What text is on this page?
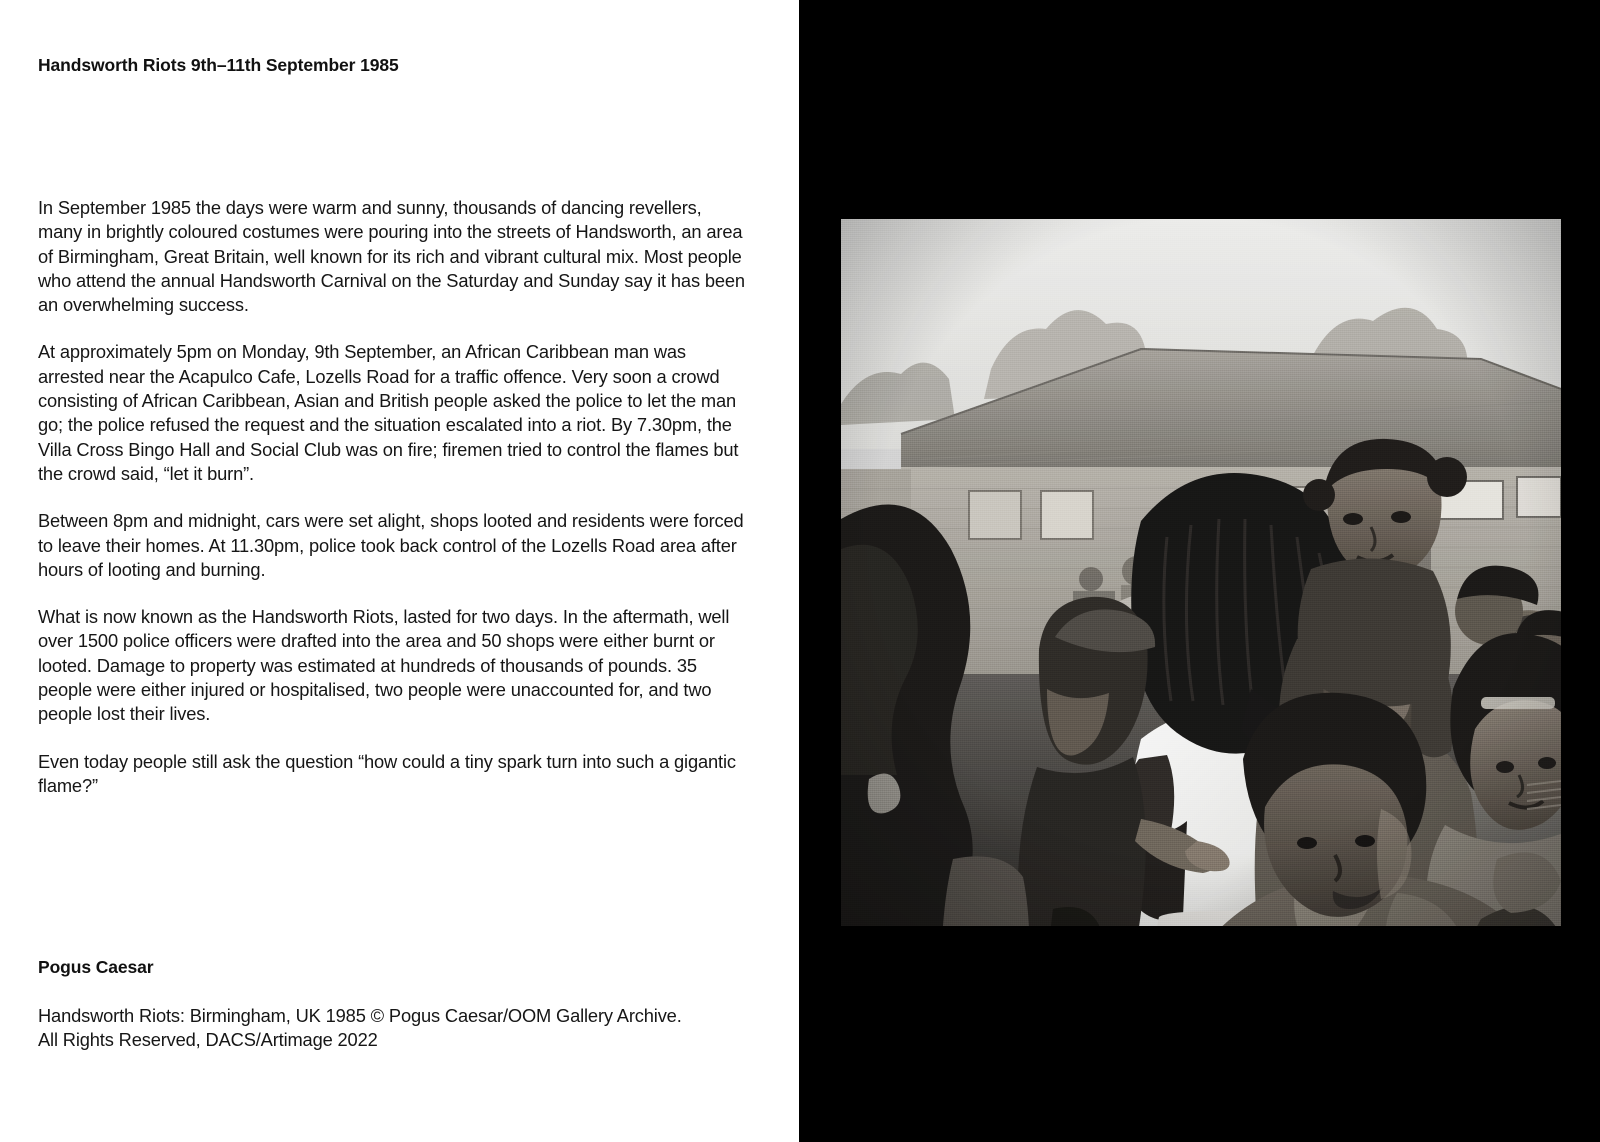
Handsworth Riots 9th–11th September 1985

In September 1985 the days were warm and sunny, thousands of dancing revellers, many in brightly coloured costumes were pouring into the streets of Handsworth, an area of Birmingham, Great Britain, well known for its rich and vibrant cultural mix. Most people who attend the annual Handsworth Carnival on the Saturday and Sunday say it has been an overwhelming success.

At approximately 5pm on Monday, 9th September, an African Caribbean man was arrested near the Acapulco Cafe, Lozells Road for a traffic offence. Very soon a crowd consisting of African Caribbean, Asian and British people asked the police to let the man go; the police refused the request and the situation escalated into a riot. By 7.30pm, the Villa Cross Bingo Hall and Social Club was on fire; firemen tried to control the flames but the crowd said, “let it burn”.

Between 8pm and midnight, cars were set alight, shops looted and residents were forced to leave their homes. At 11.30pm, police took back control of the Lozells Road area after hours of looting and burning.

What is now known as the Handsworth Riots, lasted for two days. In the aftermath, well over 1500 police officers were drafted into the area and 50 shops were either burnt or looted. Damage to property was estimated at hundreds of thousands of pounds. 35 people were either injured or hospitalised, two people were unaccounted for, and two people lost their lives.

Even today people still ask the question “how could a tiny spark turn into such a gigantic flame?”

Pogus Caesar
Handsworth Riots: Birmingham, UK 1985 © Pogus Caesar/OOM Gallery Archive.
All Rights Reserved, DACS/Artimage 2022
